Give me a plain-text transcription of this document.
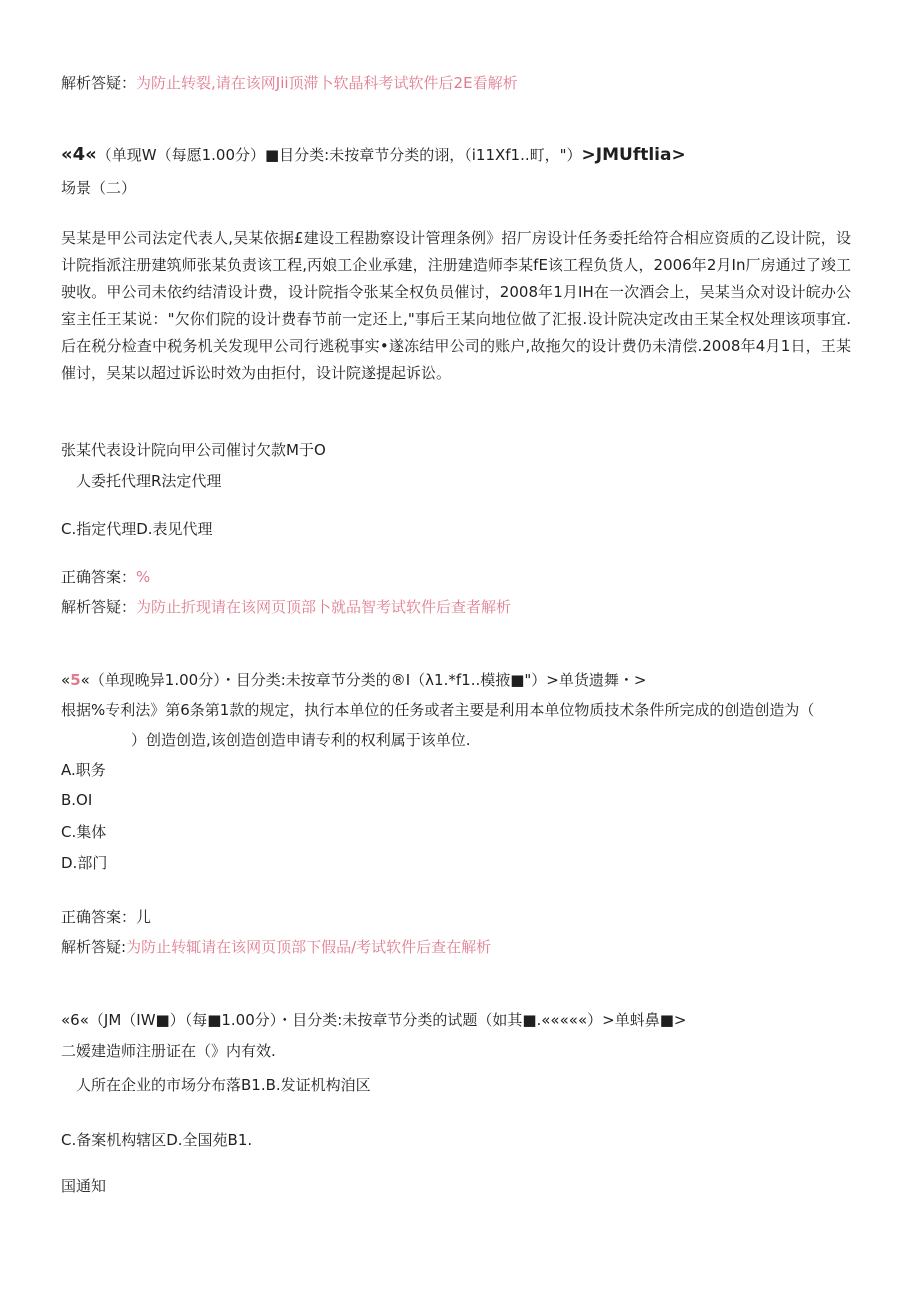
解析答疑：为防止转裂,请在该网Jii顶滞卜软晶科考试软件后2E看解析
«4«（单现W（每愿1.00分）■目分类:未按章节分类的诩，（i11Xf1..町，"）>JMUftlia>
场景（二）
吴某是甲公司法定代表人,吴某依据£建设工程勘察设计管理条例》招厂房设计任务委托给符合相应资质的乙设计院，设计院指派注册建筑师张某负责该工程,丙娘工企业承建，注册建造师李某fE该工程负货人，2006年2月In厂房通过了竣工驶收。甲公司未依约结清设计费，设计院指令张某全权负员催讨，2008年1月IH在一次酒会上，吴某当众对设计皖办公室主任王某说："欠你们院的设计费春节前一定还上,"事后王某向地位做了汇报.设计院决定改由王某全权处理该项事宜.后在税分检查中税务机关发现甲公司行逃税事实•遂冻结甲公司的账户,故拖欠的设计费仍未清偿.2008年4月1日，王某催讨，吴某以超过诉讼时效为由拒付，设计院遂提起诉讼。
张某代表设计院向甲公司催讨欠款M于O
人委托代理R法定代理
C.指定代理D.表见代理
正确答案：%
解析答疑：为防止折现请在该网页顶部卜就品智考试软件后查者解析
«5«（单现晚异1.00分）・目分类:未按章节分类的®I（λ1.*f1..模掖■"）>单货遗舞・>
根据%专利法》第6条第1款的规定，执行本单位的任务或者主要是利用本单位物质技术条件所完成的创造创造为（
）创造创造,该创造创造申请专利的权利属于该单位.
A.职务
B.OI
C.集体
D.部门
正确答案：儿
解析答疑:为防止转辄请在该网页顶部下假品/考试软件后查在解析
«6«（JM（IW■）（每■1.00分）・目分类:未按章节分类的试题（如其■.«««««）>单蚪鼻■>
二嫒建造师注册证在（》内有效.
人所在企业的市场分布落B1.B.发证机构洎区
C.备案机构辖区D.全国苑B1.
国通知
